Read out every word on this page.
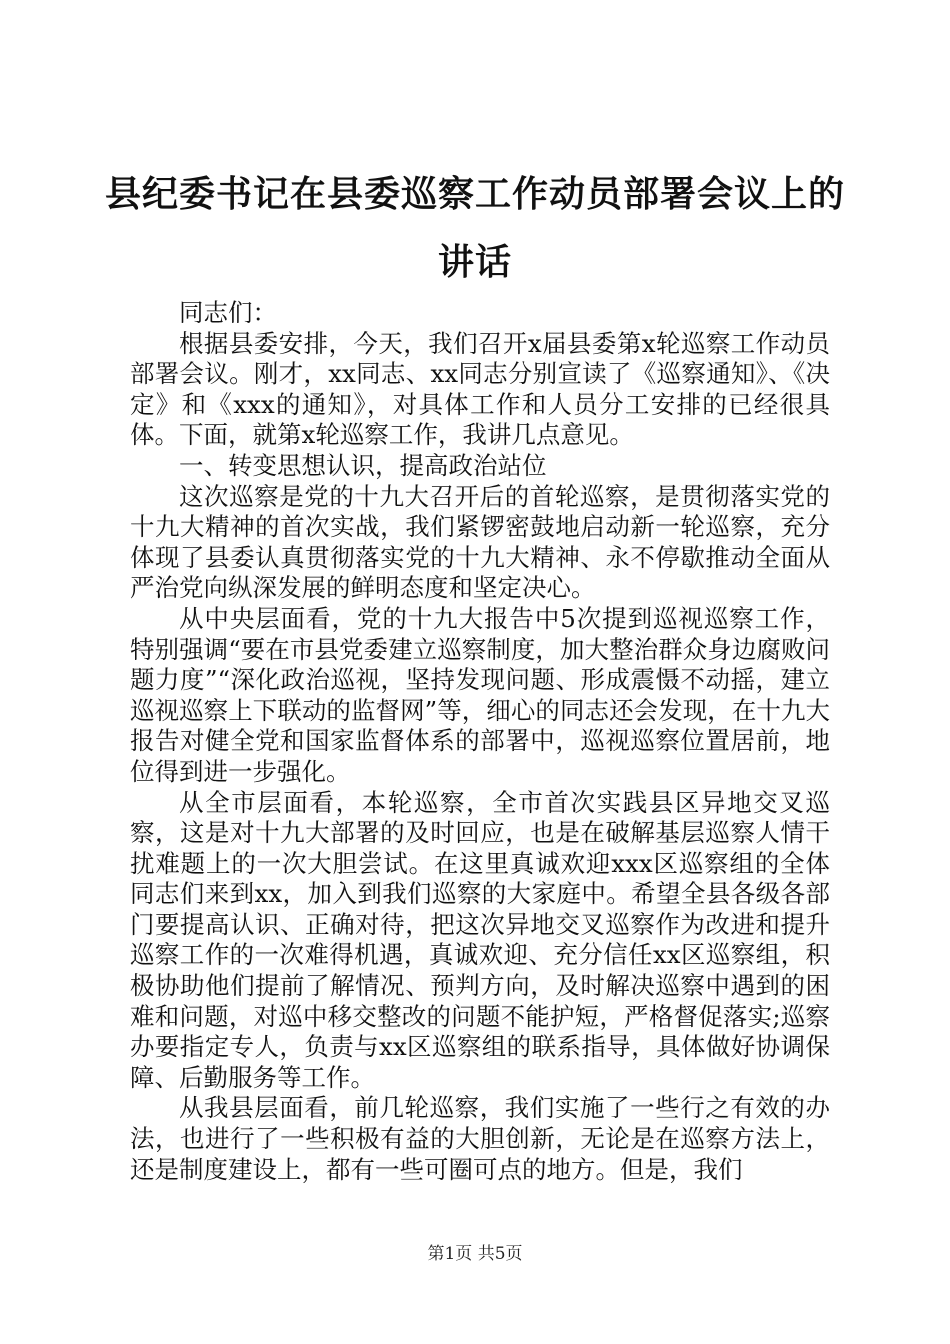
县纪委书记在县委巡察工作动员部署会议上的讲话

同志们：

根据县委安排，今天，我们召开x届县委第x轮巡察工作动员部署会议。刚才，xx同志、xx同志分别宣读了《巡察通知》、《决定》和《xxx的通知》，对具体工作和人员分工安排的已经很具体。下面，就第x轮巡察工作，我讲几点意见。

一、转变思想认识，提高政治站位

这次巡察是党的十九大召开后的首轮巡察，是贯彻落实党的十九大精神的首次实战，我们紧锣密鼓地启动新一轮巡察，充分体现了县委认真贯彻落实党的十九大精神、永不停歇推动全面从严治党向纵深发展的鲜明态度和坚定决心。

从中央层面看，党的十九大报告中5次提到巡视巡察工作，特别强调“要在市县党委建立巡察制度，加大整治群众身边腐败问题力度”“深化政治巡视，坚持发现问题、形成震慑不动摇，建立巡视巡察上下联动的监督网”等，细心的同志还会发现，在十九大报告对健全党和国家监督体系的部署中，巡视巡察位置居前，地位得到进一步强化。

从全市层面看，本轮巡察，全市首次实践县区异地交叉巡察，这是对十九大部署的及时回应，也是在破解基层巡察人情干扰难题上的一次大胆尝试。在这里真诚欢迎xxx区巡察组的全体同志们来到xx，加入到我们巡察的大家庭中。希望全县各级各部门要提高认识、正确对待，把这次异地交叉巡察作为改进和提升巡察工作的一次难得机遇，真诚欢迎、充分信任xx区巡察组，积极协助他们提前了解情况、预判方向，及时解决巡察中遇到的困难和问题，对巡中移交整改的问题不能护短，严格督促落实;巡察办要指定专人，负责与xx区巡察组的联系指导，具体做好协调保障、后勤服务等工作。

从我县层面看，前几轮巡察，我们实施了一些行之有效的办法，也进行了一些积极有益的大胆创新，无论是在巡察方法上，还是制度建设上，都有一些可圈可点的地方。但是，我们

第1页 共5页
